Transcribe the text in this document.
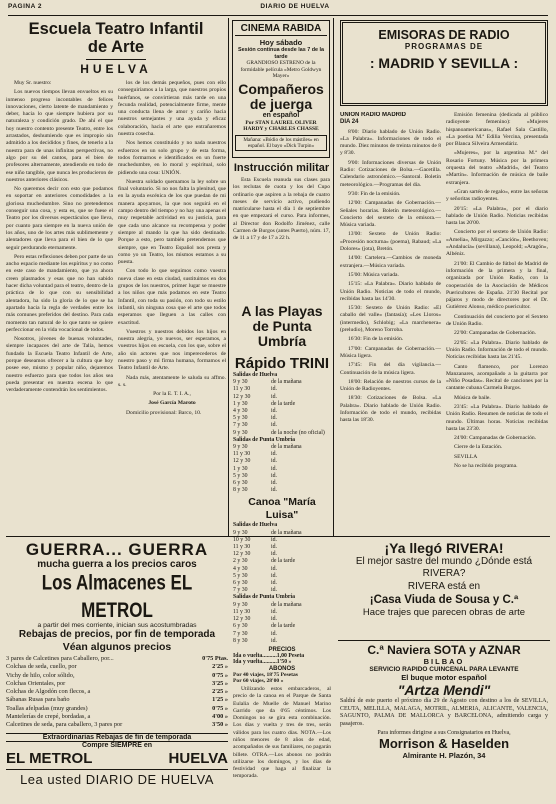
PAGINA 2	DIARIO DE HUELVA
Escuela Teatro Infantil
de Arte
HUELVA

Muy Sr. nuestro:

Los nuevos tiempos llevan envueltos en su inmenso progreso incontables de felices innovaciones, cierto latente de mandamiento y deber, hacia lo que siempre hubiera por su naturaleza y condición grado. De ahí el que hoy nuestro contento presente Teatro, entre los arrastados, deshumiendo que es impropio sin admitido a los decididos y fines, de tenerlo a la nuestra para de unas infinitas perspectivas, no algo por su del cantos, para el bien de profesores alternamente, atendiendo en todo de ese niño tangible, que nunca les producieron de nuestros anteriores clásicos.

No queremos decir con esto que podamos en soportar en anteriores comodidades a la gloriosa muchedumbre. Sino no pretendemos conseguir una cosa, y esta es, que se fuese el Teatro por los diversos espectáculos que lleva, por cuanto para siempre en la nueva unión de los años, uno de los artes más sublimemente y alentadores que lleva para el bien de lo que seguir perdurando eternamente.

Pero estas reflexiones deben por parte de un ancho espacio mediante los espíritus y no como en este caso de mandamiento, que ya ahora creen plasmados y esas que no han sabido hacer dicha voluntad para el teatro, dentro de la práctica de lo que con su sensibilidad alentadora, ha sido la gloria de lo que se ha apartado hacia la regla de verdades entre los más comunes preferidos del destino. Para cada momento tan natural de lo que tanto se quiere perfeccionar en la vida vocacional de todos.

Nosotros, jóvenes de buenas voluntades, siempre incapaces del arte de Talía, hemos fundado la Escuela Teatro Infantil de Arte, porque deseamos ofrecer a la cultura que hoy posee ese, mismo y popular niño, dejaremos nuestro esfuerzo para que todos los años sea pueda presentar en nuestra escena lo que verdaderamente contendrán los sentimientos.

los de los demás pequeños, pues con ello conseguiríamos a la larga, que nuestros propios huérfanos, se convirtieran más tarde en una fecunda realidad, potencialmente firme, mente una conducta llena de amor y cariño hacia nuestros semejantes y una ayuda y eficaz colaboración, hacia el arte que entrañaremos nuestra cosecha.

Nos hemos constituido y no nada nuestros esfuerzos en un solo grupo y de esta forma, todos formarnos e identificados en un fuerte muchedumbre, en lo moral y espiritual, solo pidiendo una cosa: UNIÓN.

Nuestra soldado quemamos la ley sobre un final voluntario. Si no nos falta la plenitud, que en la ayuda escénica de los que puedan de mi manera apoyarnos, la que nos seguirá en el campo dentro del tiempo y no hay una apenas el muy respetable actividad en su justicia, para que cada uno alcance su recompensa y poder siempre al mando la que ha sido destinado. Porque a esto, pero también pretendemos que siempre, que en Teatro Español nos presta y como yo un Teatro, los mismos estamos a su puesta.

Con todo lo que seguimos como vuestra nueva clase en esta ciudad, sustituimos en dos grupos de los nuestros, primer lugar se muestre a los niños que más podamos en este Teatro Infantil, con toda su pasión, con todo su estilo infantil, sin ninguna cosa que el arte que todos esperamos que lleguen a las calles con exactitud.

Vuestros y nuestros debidos los hijos en nuestra alegría, yo nuevos, ser esperamos, a vuestros hijos en escuela, con los que, sobre el año sin actores que nos imperecederos de nuestro paso y mi firma humana, formamos el Teatro Infantil de Arte.

Nada más, atentamente le saluda su affmo. s. s.

Por la E. T. I. A.,

José García Maroto

Domicilio provisional: Barco, 10.

CINEMA RABIDA
Hoy sábado
Sesión continua desde las 7 de la tarde
GRANDIOSO ESTRENO de la formidable película «Metro Goldwyn Mayer»
Compañeros de juerga
en español
Por STAN LAUREL OLIVER HARDY y CHARLES CHASSE
Mañana: «Bódio de los mástiles» en español. El bayo «Dick Turpin»
Instrucción militar

Esta Escuela reanuda sus clases para los reclutas de cuota y los del Cupo ordinario que aspiren a la rebaja de cuatro meses de servicio activo, pudiendo matricularse hasta el día 1 de septiembre en que empezará el curso. Para informes, al Director don Rodolfo Jiménez, calle Carmen de Burgos (antes Puerto), núm. 17, de 11 a 17 y de 17 a 22 h.

A las Playas de Punta Umbría
Rápido TRINI
Salidas de Huelva
9 y 30	de la mañana
11 y 30	id.
12 y 30	id.
1 y 30	de la tarde
4 y 30	id.
5 y 30	id.
7 y 30	id.
9 y 30	de la noche (no oficial)
Salidas de Punta Umbría
9 y 30	de la mañana
11 y 30	id.
12 y 30	id.
1 y 30	id.
5 y 30	id.
6 y 30	id.
8 y 30	id.
Canoa "María Luisa"
Salidas de Huelva
9 y 30	de la mañana
10 y 30	id.
11 y 30	id.
12 y 30	id.
2 y 30	de la tarde
4 y 30	id.
5 y 30	id.
6 y 30	id.
7 y 30	id.
Salidas de Punta Umbría
9 y 30	de la mañana
11 y 30	id.
12 y 30	id.
6 y 30	de la tarde
7 y 30	id.
8 y 30	id.
PRECIOS
Ida o vuelta..........1,00 Peseta
Ida y vuelta..........1'50 »
ABONOS
Por 40 viajes, 18'75 Pesetas
Por 60 viajes, 28'00 »

Utilizando estos embarcaderos, al precio de la canoa en el Parque de Santa Eulalia de Muelle de Manuel Marino Garrido que da 0'65 céntimos. Los Domingos no se gira esta combinación. Los días y vuelta y tres de tres, serán válidos para los cuatro días. NOTA.—Los niños menores de 8 años de edad, acompañados de sus familiares, no pagarán billete. OTRA.—Los abonos no podrán utilizarse los domingos, y los días de festividad que haga al finalizar la temporada.

EMISORAS DE RADIO
PROGRAMAS DE
: MADRID Y SEVILLA :
UNION RADIO MADRID
DIA 24

8'00: Diario hablado de Unión Radio. «La Palabra». Informaciones de todo el mundo. Diez minutos de treinta minutos de 8 y 8'30.

9'00: Informaciones diversas de Unión Radio: Cotizaciones de Bolsa.—Gacetilla. Calendario astronómico.—Santoral. Boletín meteorológico.—Programas del día.

9'30: Fin de la emisión.

12'00: Campanadas de Gobernación.—Señales horarias. Boletín meteorológico.—Concierto del sexteto de la emisora.—Música variada.

13'00: Sexteto de Unión Radio: «Procesión nocturna» (poema), Rabaud; «La Dolores» (jota), Bretón.

14'00: Cartelera.—Cambios de moneda extranjera.—Música variada.

15'00: Música variada.

15'15: «La Palabra». Diario hablado de Unión Radio. Noticias de todo el mundo, recibidas hasta las 14'30.

15'30: Sexteto de Unión Radio: «El caballo del valle» (fantasía); «Les Lloros» (intermedio), Schlobig; «La marchenera» (preludio), Moreno Torroba.

16'30: Fin de la emisión.

17'00: Campanadas de Gobernación.—Música ligera.

17'45: Fin del día vigilancia.—Continuación de la música ligera.

18'00: Relación de nuestros cursos de la Unión de Radioyentes.

18'30: Cotizaciones de Bolsa. «La Palabra». Diario hablado de Unión Radio. Información de todo el mundo, recibidas hasta las 18'30.

Emisión femenina (dedicada al público radioyente femenino): «Mujeres hispanoamericanas», Rafael Sala Castillo, «La poetisa M.ª Edilia Vercina, presentada por Blanca Silveira Armendáriz.

«Mujeres», por la argentina M.ª del Rosario Fortuny. Música por la primera orquesta del teatro «Madrid», del Teatro «Martín». Información de música de baile extranjera.

«Gran sartén de regalo», entre las señoras y señoritas radioyentes.

20'15: «La Palabra», por el diario hablado de Unión Radio. Noticias recibidas hasta las 20'00.

Concierto por el sexteto de Unión Radio: «Amelia», Mirgazzo; «Canción», Beethoven; «Andalucía» (sevillana), Leopold; «Aragón», Albéniz.

21'00: El Cambio de fútbol de Madrid de información de la primera y la final, organizada por Unión Radio, con la cooperación de la Asociación de Médicos Puericultores de España. 21'30 Recital por pájaros y modo de directores por el Dr. Gutiérrez Alonso, médico puericultor.

Continuación del concierto por el Sexteto de Unión Radio.

22'00: Campanadas de Gobernación.

22'05: «La Palabra». Diario hablado de Unión Radio. Información de todo el mundo. Noticias recibidas hasta las 21'45.

Canto flamenco, por Lorenzo Manzanares, acompañado a la guitarra por «Niño Posadas». Recital de canciones por la cantante cubana Carmela Burgos.

Música de baile.

23'45: «La Palabra». Diario hablado de Unión Radio. Resumen de noticias de todo el mundo. Últimas horas. Noticias recibidas hasta las 23'30.

24'00: Campanadas de Gobernación.

Cierre de la Estación.

SEVILLA

No se ha recibido programa.

¡Ya llegó RIVERA!
El mejor sastre del mundo ¿Dónde está RIVERA?
RIVERA está en
¡Casa Viuda de Sousa y C.ª
Hace trajes que parecen obras de arte
C.ª Naviera SOTA y AZNAR
BILBAO
SERVICIO RAPIDO CUINCENAL PARA LEVANTE
El buque motor español
"Artza Mendi"

Saldrá de este puerto el próximo día 29 de Agosto con destino a los de SEVILLA, CEUTA, MELILLA, MALAGA, MOTRIL, ALMERIA, ALICANTE, VALENCIA, SAGUNTO, PALMA DE MALLORCA y BARCELONA, admitiendo carga y pasajeros.

Para informes dirigirse a sus Consignatarios en Huelva,
Morrison & Haselden
Almirante H. Plazón, 34
GUERRA... GUERRA
mucha guerra a los precios caros
Los Almacenes EL METROL
a partir del mes corriente, inician sus acostumbradas
Rebajas de precios, por fin de temporada
Véan algunos precios
3 pares de Calcetines para Caballero, por...	0'75 Ptas.
Colchas de seda, cuello, por	2'25 »
Vichy de hilo, color sólido,	0'75 »
Colchas Orientales, por	3'25 »
Colchas de Algodón con flecos, a	2'25 »
Sábanas Rusas para baño	1'25 »
Toallas afelpadas (muy grandes)	0'75 »
Mantelerías de crepé, bordadas, a	4'00 »
Calcetines de seda, para caballero, 3 pares por	3'50 »
Extraordinarias Rebajas de fin de temporada
Compre SIEMPRE en
EL METROL	HUELVA
Lea usted DIARIO DE HUELVA
